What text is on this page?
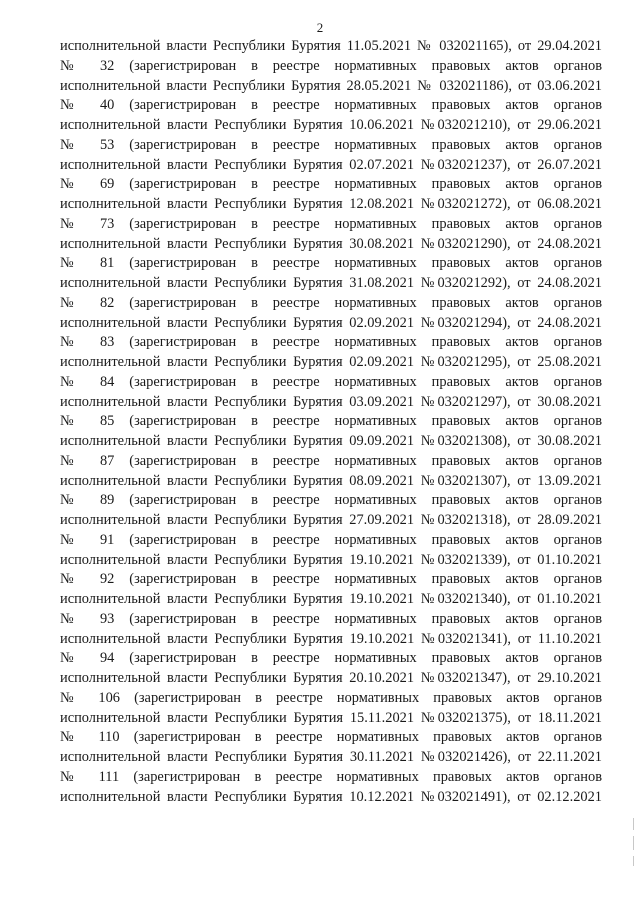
2
исполнительной власти Республики Бурятия 11.05.2021 № 032021165), от 29.04.2021
№ 32 (зарегистрирован в реестре нормативных правовых актов органов
исполнительной власти Республики Бурятия 28.05.2021 № 032021186), от 03.06.2021
№ 40 (зарегистрирован в реестре нормативных правовых актов органов
исполнительной власти Республики Бурятия 10.06.2021 №032021210), от 29.06.2021
№ 53 (зарегистрирован в реестре нормативных правовых актов органов
исполнительной власти Республики Бурятия 02.07.2021 №032021237), от 26.07.2021
№ 69 (зарегистрирован в реестре нормативных правовых актов органов
исполнительной власти Республики Бурятия 12.08.2021 №032021272), от 06.08.2021
№ 73 (зарегистрирован в реестре нормативных правовых актов органов
исполнительной власти Республики Бурятия 30.08.2021 №032021290), от 24.08.2021
№ 81 (зарегистрирован в реестре нормативных правовых актов органов
исполнительной власти Республики Бурятия 31.08.2021 №032021292), от 24.08.2021
№ 82 (зарегистрирован в реестре нормативных правовых актов органов
исполнительной власти Республики Бурятия 02.09.2021 №032021294), от 24.08.2021
№ 83 (зарегистрирован в реестре нормативных правовых актов органов
исполнительной власти Республики Бурятия 02.09.2021 №032021295), от 25.08.2021
№ 84 (зарегистрирован в реестре нормативных правовых актов органов
исполнительной власти Республики Бурятия 03.09.2021 №032021297), от 30.08.2021
№ 85 (зарегистрирован в реестре нормативных правовых актов органов
исполнительной власти Республики Бурятия 09.09.2021 №032021308), от 30.08.2021
№ 87 (зарегистрирован в реестре нормативных правовых актов органов
исполнительной власти Республики Бурятия 08.09.2021 №032021307), от 13.09.2021
№ 89 (зарегистрирован в реестре нормативных правовых актов органов
исполнительной власти Республики Бурятия 27.09.2021 №032021318), от 28.09.2021
№ 91 (зарегистрирован в реестре нормативных правовых актов органов
исполнительной власти Республики Бурятия 19.10.2021 №032021339), от 01.10.2021
№ 92 (зарегистрирован в реестре нормативных правовых актов органов
исполнительной власти Республики Бурятия 19.10.2021 №032021340), от 01.10.2021
№ 93 (зарегистрирован в реестре нормативных правовых актов органов
исполнительной власти Республики Бурятия 19.10.2021 №032021341), от 11.10.2021
№ 94 (зарегистрирован в реестре нормативных правовых актов органов
исполнительной власти Республики Бурятия 20.10.2021 №032021347), от 29.10.2021
№ 106 (зарегистрирован в реестре нормативных правовых актов органов
исполнительной власти Республики Бурятия 15.11.2021 №032021375), от 18.11.2021
№ 110 (зарегистрирован в реестре нормативных правовых актов органов
исполнительной власти Республики Бурятия 30.11.2021 №032021426), от 22.11.2021
№ 111 (зарегистрирован в реестре нормативных правовых актов органов
исполнительной власти Республики Бурятия 10.12.2021 №032021491), от 02.12.2021
